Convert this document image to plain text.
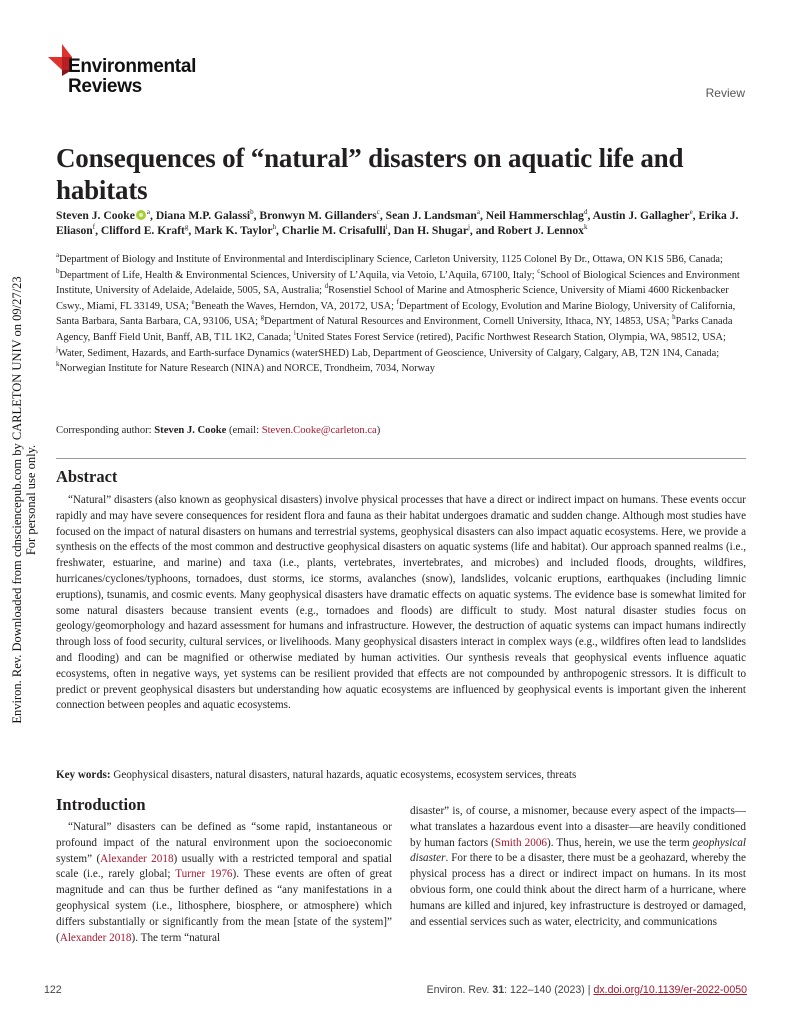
Environ. Rev. Downloaded from cdnsciencepub.com by CARLETON UNIV on 09/27/23 For personal use only.
Environmental
Reviews	Review
Consequences of “natural” disasters on aquatic life and habitats
Steven J. Cooke $^a$, Diana M.P. Galassi$^b$, Bronwyn M. Gillanders$^c$, Sean J. Landsman$^a$, Neil Hammerschlag$^d$, Austin J. Gallagher$^e$, Erika J. Eliason$^f$, Clifford E. Kraft$^g$, Mark K. Taylor$^h$, Charlie M. Crisafulli$^i$, Dan H. Shugar$^j$, and Robert J. Lennox$^k$
$^a$Department of Biology and Institute of Environmental and Interdisciplinary Science, Carleton University, 1125 Colonel By Dr., Ottawa, ON K1S 5B6, Canada; $^b$Department of Life, Health & Environmental Sciences, University of L’Aquila, via Vetoio, L’Aquila, 67100, Italy; $^c$School of Biological Sciences and Environment Institute, University of Adelaide, Adelaide, 5005, SA, Australia; $^d$Rosenstiel School of Marine and Atmospheric Science, University of Miami 4600 Rickenbacker Cswy., Miami, FL 33149, USA; $^e$Beneath the Waves, Herndon, VA, 20172, USA; $^f$Department of Ecology, Evolution and Marine Biology, University of California, Santa Barbara, Santa Barbara, CA, 93106, USA; $^g$Department of Natural Resources and Environment, Cornell University, Ithaca, NY, 14853, USA; $^h$Parks Canada Agency, Banff Field Unit, Banff, AB, T1L 1K2, Canada; $^i$United States Forest Service (retired), Pacific Northwest Research Station, Olympia, WA, 98512, USA; $^j$Water, Sediment, Hazards, and Earth-surface Dynamics (waterSHED) Lab, Department of Geoscience, University of Calgary, Calgary, AB, T2N 1N4, Canada; $^k$Norwegian Institute for Nature Research (NINA) and NORCE, Trondheim, 7034, Norway
Corresponding author: Steven J. Cooke (email: Steven.Cooke@carleton.ca)
Abstract

“Natural” disasters (also known as geophysical disasters) involve physical processes that have a direct or indirect impact on humans. These events occur rapidly and may have severe consequences for resident flora and fauna as their habitat undergoes dramatic and sudden change. Although most studies have focused on the impact of natural disasters on humans and terrestrial systems, geophysical disasters can also impact aquatic ecosystems. Here, we provide a synthesis on the effects of the most common and destructive geophysical disasters on aquatic systems (life and habitat). Our approach spanned realms (i.e., freshwater, estuarine, and marine) and taxa (i.e., plants, vertebrates, invertebrates, and microbes) and included floods, droughts, wildfires, hurricanes/cyclones/typhoons, tornadoes, dust storms, ice storms, avalanches (snow), landslides, volcanic eruptions, earthquakes (including limnic eruptions), tsunamis, and cosmic events. Many geophysical disasters have dramatic effects on aquatic systems. The evidence base is somewhat limited for some natural disasters because transient events (e.g., tornadoes and floods) are difficult to study. Most natural disaster studies focus on geology/geomorphology and hazard assessment for humans and infrastructure. However, the destruction of aquatic systems can impact humans indirectly through loss of food security, cultural services, or livelihoods. Many geophysical disasters interact in complex ways (e.g., wildfires often lead to landslides and flooding) and can be magnified or otherwise mediated by human activities. Our synthesis reveals that geophysical events influence aquatic ecosystems, often in negative ways, yet systems can be resilient provided that effects are not compounded by anthropogenic stressors. It is difficult to predict or prevent geophysical disasters but understanding how aquatic ecosystems are influenced by geophysical events is important given the inherent connection between peoples and aquatic ecosystems.

Key words: Geophysical disasters, natural disasters, natural hazards, aquatic ecosystems, ecosystem services, threats
Introduction

“Natural” disasters can be defined as “some rapid, instantaneous or profound impact of the natural environment upon the socioeconomic system” (Alexander 2018) usually with a restricted temporal and spatial scale (i.e., rarely global; Turner 1976). These events are often of great magnitude and can thus be further defined as “any manifestations in a geophysical system (i.e., lithosphere, biosphere, or atmosphere) which differs substantially or significantly from the mean [state of the system]” (Alexander 2018). The term “natural

disaster” is, of course, a misnomer, because every aspect of the impacts—what translates a hazardous event into a disaster—are heavily conditioned by human factors (Smith 2006). Thus, herein, we use the term geophysical disaster. For there to be a disaster, there must be a geohazard, whereby the physical process has a direct or indirect impact on humans. In its most obvious form, one could think about the direct harm of a hurricane, where humans are killed and injured, key infrastructure is destroyed or damaged, and essential services such as water, electricity, and communications

122	Environ. Rev. 31: 122–140 (2023) | dx.doi.org/10.1139/er-2022-0050
